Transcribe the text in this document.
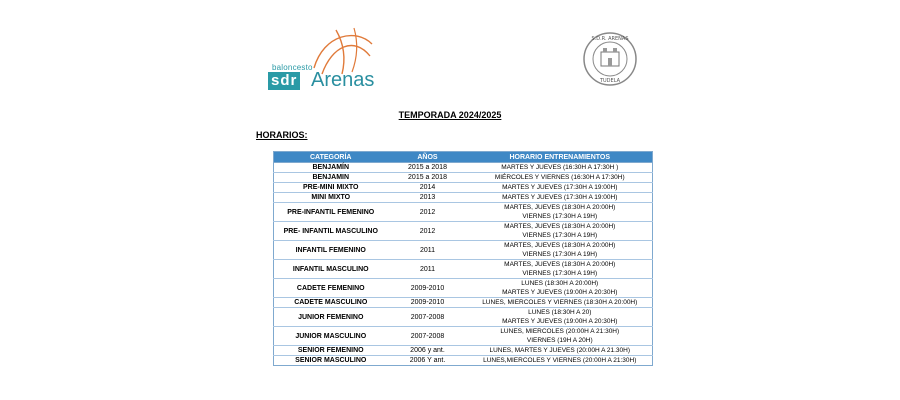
baloncesto
sdr Arenas
S.D.R. ARENAS
TUDELA
TEMPORADA 2024/2025
HORARIOS:
CATEGORÍA	AÑOS	HORARIO ENTRENAMIENTOS
BENJAMÍN	2015 a 2018	MARTES Y JUEVES (16:30H A 17:30H )

BENJAMIN	2015 a 2018	MIÉRCOLES Y VIERNES (16:30H A 17:30H)

PRE-MINI MIXTO	2014	MARTES Y JUEVES (17:30H A 19:00H)

MINI MIXTO	2013	MARTES Y JUEVES (17:30H A 19:00H)

PRE-INFANTIL FEMENINO	2012	MARTES, JUEVES (18:30H A 20:00H)
VIERNES (17:30H A 19H)

PRE- INFANTIL MASCULINO	2012	MARTES, JUEVES (18:30H A 20:00H)
VIERNES (17:30H A 19H)

INFANTIL FEMENINO	2011	MARTES, JUEVES (18:30H A 20:00H)
VIERNES (17:30H A 19H)

INFANTIL MASCULINO	2011	MARTES, JUEVES (18:30H A 20:00H)
VIERNES (17:30H A 19H)

CADETE FEMENINO	2009-2010	LUNES (18:30H A 20:00H)
MARTES Y JUEVES (19:00H A 20:30H)

CADETE MASCULINO	2009-2010	LUNES, MIERCOLES Y VIERNES (18:30H A 20:00H)

JUNIOR FEMENINO	2007-2008	LUNES (18:30H A 20)
MARTES Y JUEVES (19:00H A 20:30H)

JUNIOR MASCULINO	2007-2008	LUNES, MIERCOLES (20:00H A 21:30H)
VIERNES (19H A 20H)

SENIOR FEMENINO	2006 y ant.	LUNES, MARTES Y JUEVES (20:00H A 21.30H)

SENIOR MASCULINO	2006 Y ant.	LUNES,MIERCOLES Y VIERNES (20:00H A 21:30H)
